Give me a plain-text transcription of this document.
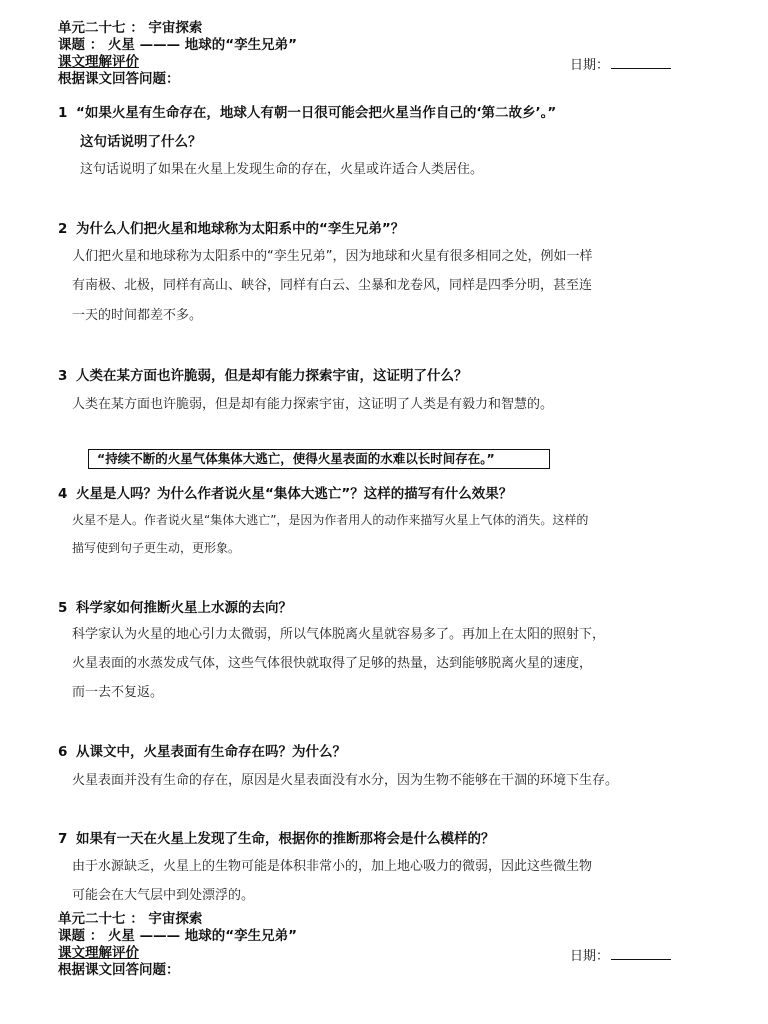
单元二十七 ： 宇宙探索
课题 ： 火星 ——— 地球的“孪生兄弟”
课文理解评价	日期：
根据课文回答问题：
1 “如果火星有生命存在，地球人有朝一日很可能会把火星当作自己的‘第二故乡’。”
这句话说明了什么？
这句话说明了如果在火星上发现生命的存在，火星或许适合人类居住。
2 为什么人们把火星和地球称为太阳系中的“孪生兄弟”？
人们把火星和地球称为太阳系中的“孪生兄弟”，因为地球和火星有很多相同之处，例如一样
有南极、北极，同样有高山、峡谷，同样有白云、尘暴和龙卷风，同样是四季分明，甚至连
一天的时间都差不多。
3 人类在某方面也许脆弱，但是却有能力探索宇宙，这证明了什么？
人类在某方面也许脆弱，但是却有能力探索宇宙，这证明了人类是有毅力和智慧的。
“持续不断的火星气体集体大逃亡，使得火星表面的水难以长时间存在。”
4 火星是人吗？为什么作者说火星“集体大逃亡”？这样的描写有什么效果？
火星不是人。作者说火星“集体大逃亡”，是因为作者用人的动作来描写火星上气体的消失。这样的
描写使到句子更生动，更形象。
5 科学家如何推断火星上水源的去向？
科学家认为火星的地心引力太微弱，所以气体脱离火星就容易多了。再加上在太阳的照射下，
火星表面的水蒸发成气体，这些气体很快就取得了足够的热量，达到能够脱离火星的速度，
而一去不复返。
6 从课文中，火星表面有生命存在吗？为什么？
火星表面并没有生命的存在，原因是火星表面没有水分，因为生物不能够在干涸的环境下生存。
7 如果有一天在火星上发现了生命，根据你的推断那将会是什么模样的？
由于水源缺乏，火星上的生物可能是体积非常小的，加上地心吸力的微弱，因此这些微生物
可能会在大气层中到处漂浮的。
单元二十七 ： 宇宙探索
课题 ： 火星 ——— 地球的“孪生兄弟”
课文理解评价	日期：
根据课文回答问题：
